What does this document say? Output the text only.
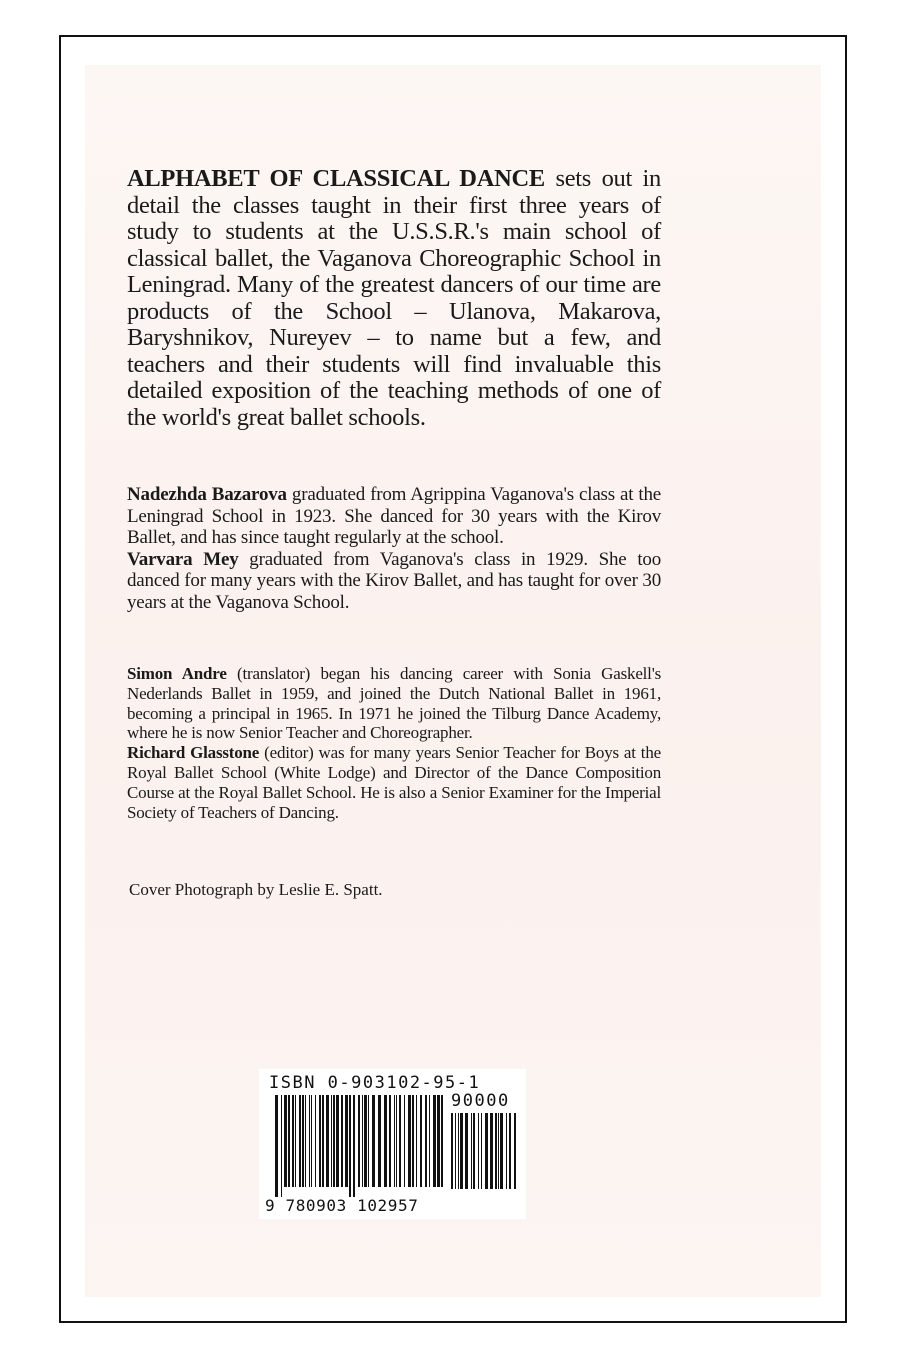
ALPHABET OF CLASSICAL DANCE sets out in detail the classes taught in their first three years of study to students at the U.S.S.R.'s main school of classical ballet, the Vaganova Choreographic School in Leningrad. Many of the greatest dancers of our time are products of the School – Ulanova, Makarova, Baryshnikov, Nureyev – to name but a few, and teachers and their students will find invaluable this detailed exposition of the teaching methods of one of the world's great ballet schools.

Nadezhda Bazarova graduated from Agrippina Vaganova's class at the Leningrad School in 1923. She danced for 30 years with the Kirov Ballet, and has since taught regularly at the school.

Varvara Mey graduated from Vaganova's class in 1929. She too danced for many years with the Kirov Ballet, and has taught for over 30 years at the Vaganova School.

Simon Andre (translator) began his dancing career with Sonia Gaskell's Nederlands Ballet in 1959, and joined the Dutch National Ballet in 1961, becoming a principal in 1965. In 1971 he joined the Tilburg Dance Academy, where he is now Senior Teacher and Choreographer.

Richard Glasstone (editor) was for many years Senior Teacher for Boys at the Royal Ballet School (White Lodge) and Director of the Dance Composition Course at the Royal Ballet School. He is also a Senior Examiner for the Imperial Society of Teachers of Dancing.

Cover Photograph by Leslie E. Spatt.
ISBN 0-903102-95-1
90000
9 780903 102957
